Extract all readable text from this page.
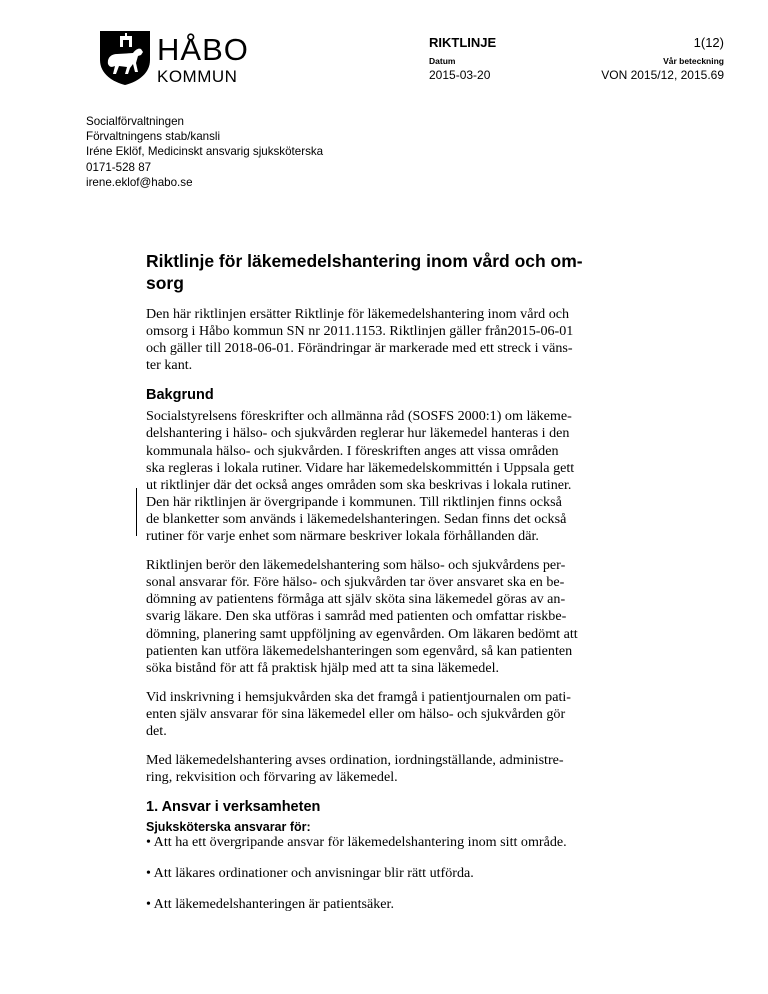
HÅBO
KOMMUN
RIKTLINJE	1(12)
Datum	Vår beteckning
2015-03-20	VON 2015/12, 2015.69
Socialförvaltningen
Förvaltningens stab/kansli
Iréne Eklöf, Medicinskt ansvarig sjuksköterska
0171-528 87
irene.eklof@habo.se
Riktlinje för läkemedelshantering inom vård och om-
sorg
Den här riktlinjen ersätter Riktlinje för läkemedelshantering inom vård och
omsorg i Håbo kommun SN nr 2011.1153. Riktlinjen gäller från2015-06-01
och gäller till 2018-06-01. Förändringar är markerade med ett streck i väns-
ter kant.
Bakgrund
Socialstyrelsens föreskrifter och allmänna råd (SOSFS 2000:1) om läkeme-
delshantering i hälso- och sjukvården reglerar hur läkemedel hanteras i den
kommunala hälso- och sjukvården. I föreskriften anges att vissa områden
ska regleras i lokala rutiner. Vidare har läkemedelskommittén i Uppsala gett
ut riktlinjer där det också anges områden som ska beskrivas i lokala rutiner.
Den här riktlinjen är övergripande i kommunen. Till riktlinjen finns också
de blanketter som används i läkemedelshanteringen. Sedan finns det också
rutiner för varje enhet som närmare beskriver lokala förhållanden där.
Riktlinjen berör den läkemedelshantering som hälso- och sjukvårdens per-
sonal ansvarar för. Före hälso- och sjukvården tar över ansvaret ska en be-
dömning av patientens förmåga att själv sköta sina läkemedel göras av an-
svarig läkare. Den ska utföras i samråd med patienten och omfattar riskbe-
dömning, planering samt uppföljning av egenvården. Om läkaren bedömt att
patienten kan utföra läkemedelshanteringen som egenvård, så kan patienten
söka bistånd för att få praktisk hjälp med att ta sina läkemedel.
Vid inskrivning i hemsjukvården ska det framgå i patientjournalen om pati-
enten själv ansvarar för sina läkemedel eller om hälso- och sjukvården gör
det.
Med läkemedelshantering avses ordination, iordningställande, administre-
ring, rekvisition och förvaring av läkemedel.
1. Ansvar i verksamheten
Sjuksköterska ansvarar för:
• Att ha ett övergripande ansvar för läkemedelshantering inom sitt område.
• Att läkares ordinationer och anvisningar blir rätt utförda.
• Att läkemedelshanteringen är patientsäker.
